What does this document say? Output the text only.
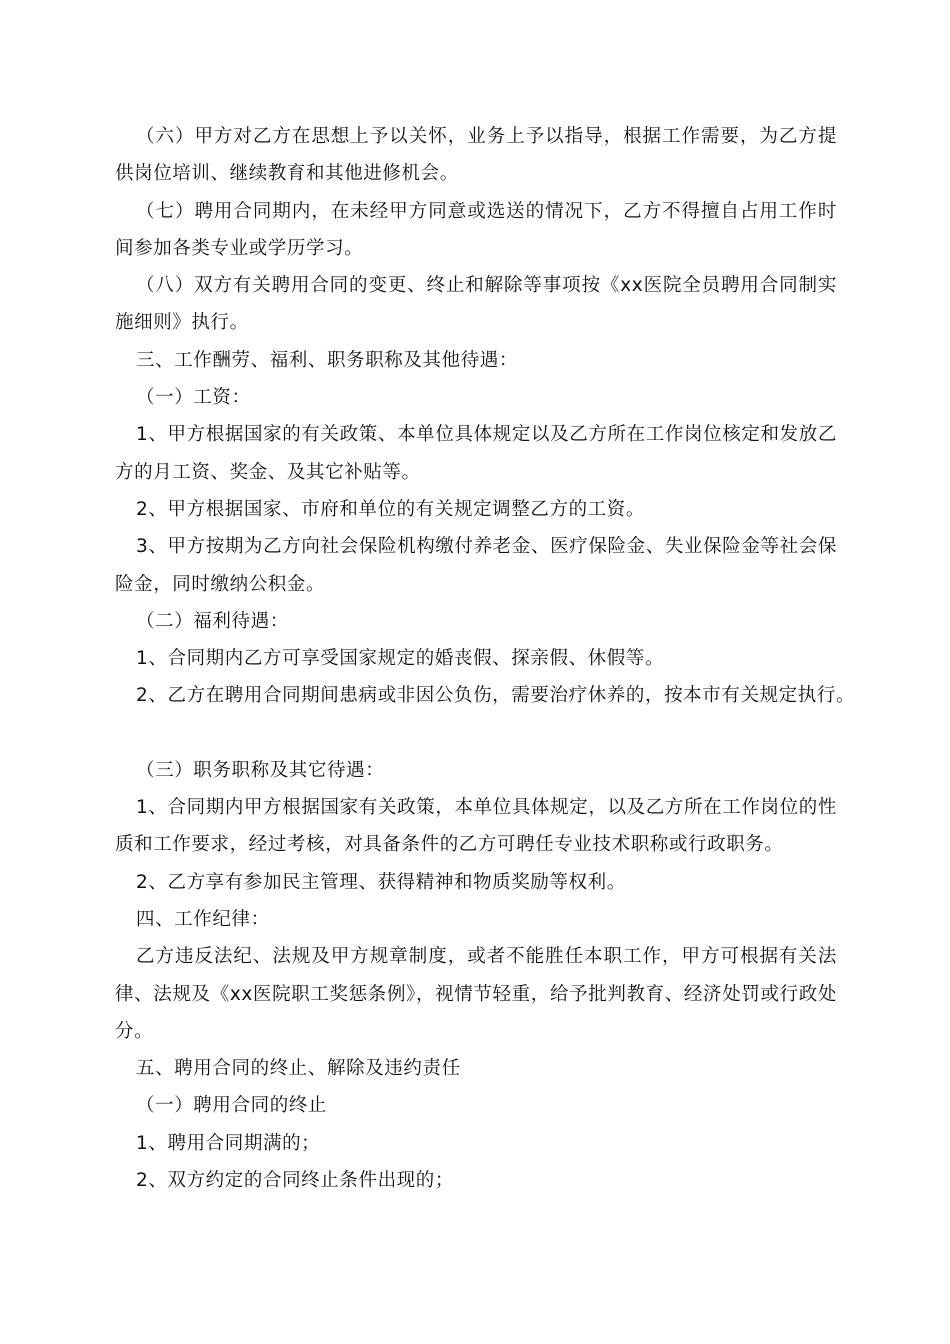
（六）甲方对乙方在思想上予以关怀，业务上予以指导，根据工作需要，为乙方提供岗位培训、继续教育和其他进修机会。

（七）聘用合同期内，在未经甲方同意或选送的情况下，乙方不得擅自占用工作时间参加各类专业或学历学习。

（八）双方有关聘用合同的变更、终止和解除等事项按《xx医院全员聘用合同制实施细则》执行。

三、工作酬劳、福利、职务职称及其他待遇：

（一）工资：

1、甲方根据国家的有关政策、本单位具体规定以及乙方所在工作岗位核定和发放乙方的月工资、奖金、及其它补贴等。

2、甲方根据国家、市府和单位的有关规定调整乙方的工资。

3、甲方按期为乙方向社会保险机构缴付养老金、医疗保险金、失业保险金等社会保险金，同时缴纳公积金。

（二）福利待遇：

1、合同期内乙方可享受国家规定的婚丧假、探亲假、休假等。

2、乙方在聘用合同期间患病或非因公负伤，需要治疗休养的，按本市有关规定执行。

（三）职务职称及其它待遇：

1、合同期内甲方根据国家有关政策，本单位具体规定，以及乙方所在工作岗位的性质和工作要求，经过考核，对具备条件的乙方可聘任专业技术职称或行政职务。

2、乙方享有参加民主管理、获得精神和物质奖励等权利。

四、工作纪律：

乙方违反法纪、法规及甲方规章制度，或者不能胜任本职工作，甲方可根据有关法律、法规及《xx医院职工奖惩条例》，视情节轻重，给予批判教育、经济处罚或行政处分。

五、聘用合同的终止、解除及违约责任

（一）聘用合同的终止

1、聘用合同期满的；

2、双方约定的合同终止条件出现的；
